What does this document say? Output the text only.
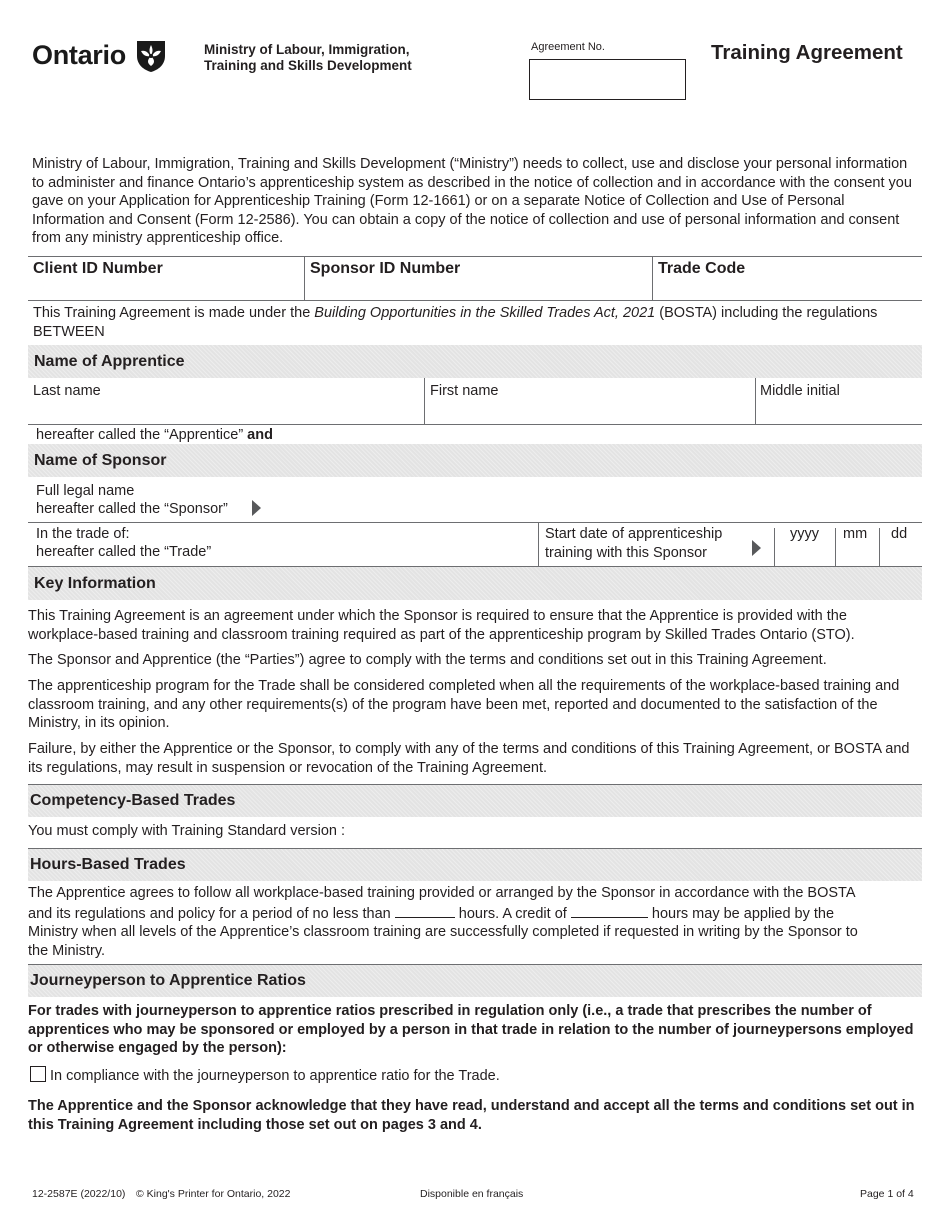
Ontario	Ministry of Labour, Immigration,
Training and Skills Development
Agreement No.	Training Agreement
Ministry of Labour, Immigration, Training and Skills Development (“Ministry”) needs to collect, use and disclose your personal information to administer and finance Ontario’s apprenticeship system as described in the notice of collection and in accordance with the consent you gave on your Application for Apprenticeship Training (Form 12-1661) or on a separate Notice of Collection and Use of Personal Information and Consent (Form 12-2586). You can obtain a copy of the notice of collection and use of personal information and consent from any ministry apprenticeship office.
Client ID Number	Sponsor ID Number	Trade Code
This Training Agreement is made under the Building Opportunities in the Skilled Trades Act, 2021 (BOSTA) including the regulations BETWEEN
Name of Apprentice
Last name	First name	Middle initial
hereafter called the “Apprentice” and
Name of Sponsor
Full legal name
hereafter called the “Sponsor”
In the trade of:
hereafter called the “Trade”
Start date of apprenticeship
training with this Sponsor
yyyy mm dd
Key Information
This Training Agreement is an agreement under which the Sponsor is required to ensure that the Apprentice is provided with the workplace-based training and classroom training required as part of the apprenticeship program by Skilled Trades Ontario (STO).
The Sponsor and Apprentice (the “Parties”) agree to comply with the terms and conditions set out in this Training Agreement.
The apprenticeship program for the Trade shall be considered completed when all the requirements of the workplace-based training and classroom training, and any other requirements(s) of the program have been met, reported and documented to the satisfaction of the Ministry, in its opinion.
Failure, by either the Apprentice or the Sponsor, to comply with any of the terms and conditions of this Training Agreement, or BOSTA and its regulations, may result in suspension or revocation of the Training Agreement.
Competency-Based Trades
You must comply with Training Standard version :
Hours-Based Trades
The Apprentice agrees to follow all workplace-based training provided or arranged by the Sponsor in accordance with the BOSTA
and its regulations and policy for a period of no less than	hours. A credit of	hours may be applied by the
Ministry when all levels of the Apprentice’s classroom training are successfully completed if requested in writing by the Sponsor to
the Ministry.
Journeyperson to Apprentice Ratios
For trades with journeyperson to apprentice ratios prescribed in regulation only (i.e., a trade that prescribes the number of apprentices who may be sponsored or employed by a person in that trade in relation to the number of journeypersons employed or otherwise engaged by the person):
In compliance with the journeyperson to apprentice ratio for the Trade.
The Apprentice and the Sponsor acknowledge that they have read, understand and accept all the terms and conditions set out in this Training Agreement including those set out on pages 3 and 4.
12-2587E (2022/10) © King's Printer for Ontario, 2022	Disponible en français	Page 1 of 4
